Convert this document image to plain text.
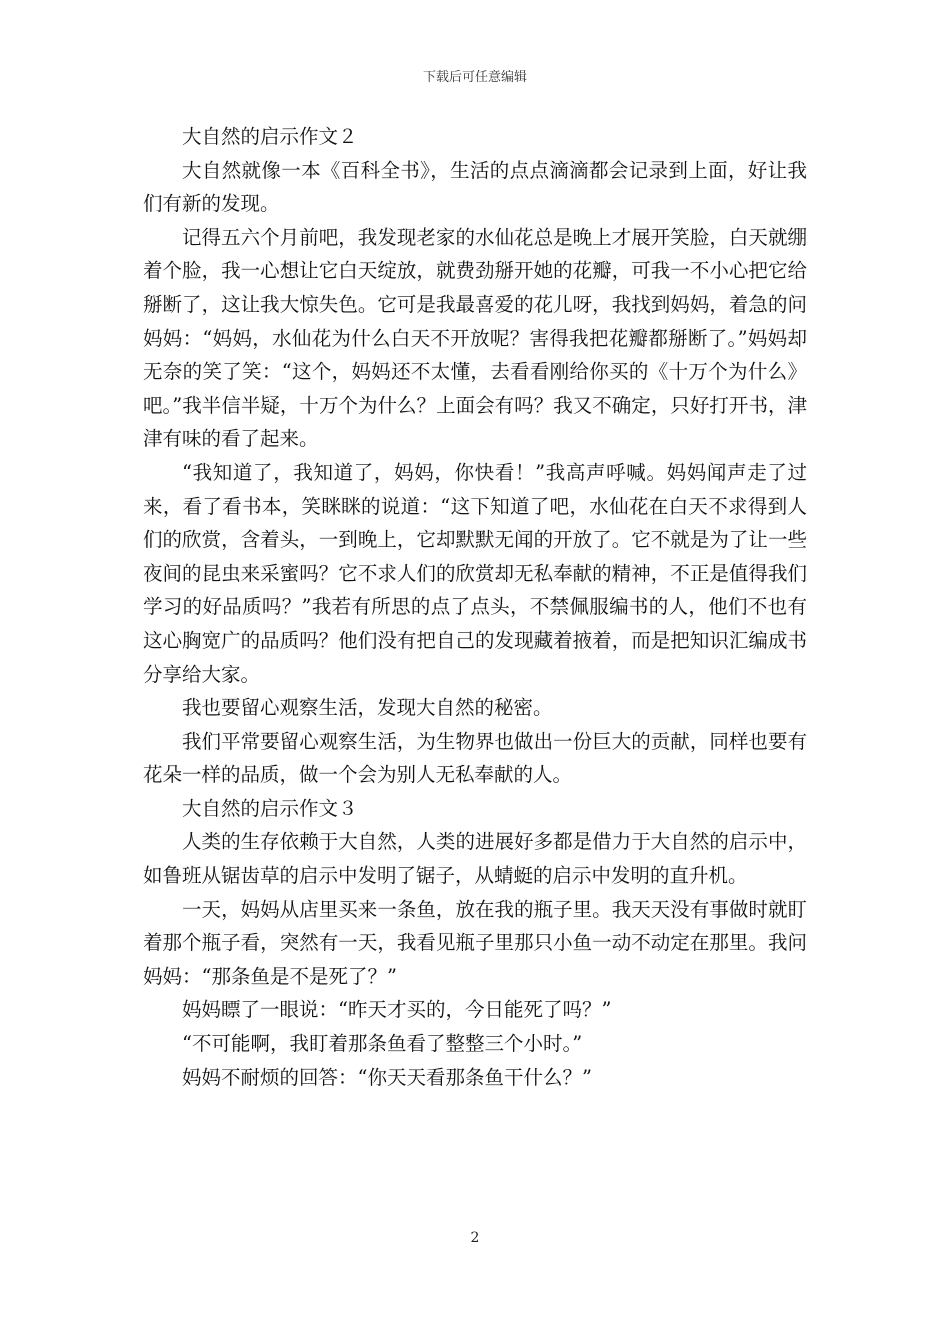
下载后可任意编辑

大自然的启示作文２

大自然就像一本《百科全书》，生活的点点滴滴都会记录到上面，好让我们有新的发现。

记得五六个月前吧，我发现老家的水仙花总是晚上才展开笑脸，白天就绷着个脸，我一心想让它白天绽放，就费劲掰开她的花瓣，可我一不小心把它给掰断了，这让我大惊失色。它可是我最喜爱的花儿呀，我找到妈妈，着急的问妈妈：“妈妈，水仙花为什么白天不开放呢？害得我把花瓣都掰断了。”妈妈却无奈的笑了笑：“这个，妈妈还不太懂，去看看刚给你买的《十万个为什么》吧。”我半信半疑，十万个为什么？上面会有吗？我又不确定，只好打开书，津津有味的看了起来。

“我知道了，我知道了，妈妈，你快看！”我高声呼喊。妈妈闻声走了过来，看了看书本，笑眯眯的说道：“这下知道了吧，水仙花在白天不求得到人们的欣赏，含着头，一到晚上，它却默默无闻的开放了。它不就是为了让一些夜间的昆虫来采蜜吗？它不求人们的欣赏却无私奉献的精神，不正是值得我们学习的好品质吗？”我若有所思的点了点头，不禁佩服编书的人，他们不也有这心胸宽广的品质吗？他们没有把自己的发现藏着掖着，而是把知识汇编成书分享给大家。

我也要留心观察生活，发现大自然的秘密。

我们平常要留心观察生活，为生物界也做出一份巨大的贡献，同样也要有花朵一样的品质，做一个会为别人无私奉献的人。

大自然的启示作文３

人类的生存依赖于大自然，人类的进展好多都是借力于大自然的启示中，如鲁班从锯齿草的启示中发明了锯子，从蜻蜓的启示中发明的直升机。

一天，妈妈从店里买来一条鱼，放在我的瓶子里。我天天没有事做时就盯着那个瓶子看，突然有一天，我看见瓶子里那只小鱼一动不动定在那里。我问妈妈：“那条鱼是不是死了？”

妈妈瞟了一眼说：“昨天才买的，今日能死了吗？”

“不可能啊，我盯着那条鱼看了整整三个小时。”

妈妈不耐烦的回答：“你天天看那条鱼干什么？”

2
